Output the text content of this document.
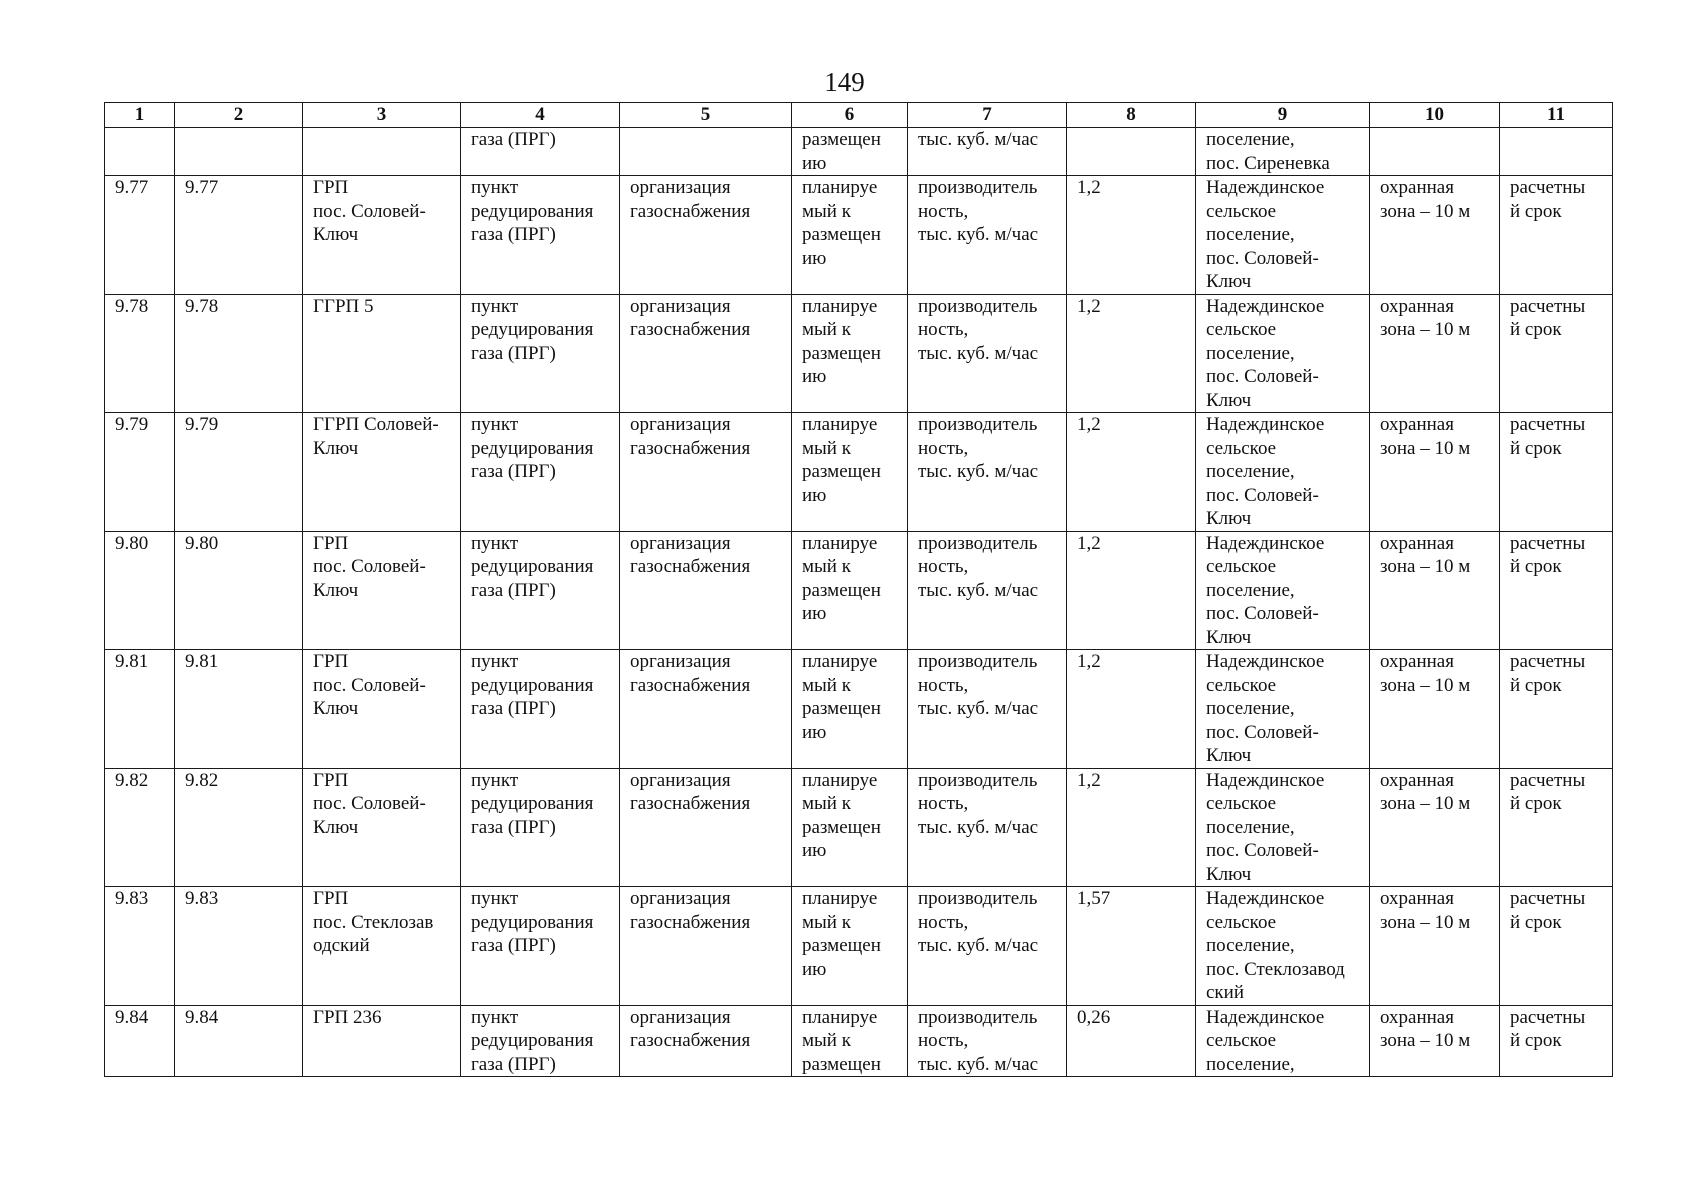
149
1	2	3	4	5	6	7	8	9	10	11

			газа (ПРГ)		размещен
ию	тыс. куб. м/час		поселение,
пос. Сиреневка		

9.77	9.77	ГРП
пос. Соловей-
Ключ	пункт
редуцирования
газа (ПРГ)	организация
газоснабжения	планируе
мый к
размещен
ию	производитель
ность,
тыс. куб. м/час	1,2	Надеждинское
сельское
поселение,
пос. Соловей-
Ключ	охранная
зона – 10 м	расчетны
й срок

9.78	9.78	ГГРП 5	пункт
редуцирования
газа (ПРГ)	организация
газоснабжения	планируе
мый к
размещен
ию	производитель
ность,
тыс. куб. м/час	1,2	Надеждинское
сельское
поселение,
пос. Соловей-
Ключ	охранная
зона – 10 м	расчетны
й срок

9.79	9.79	ГГРП Соловей-
Ключ	пункт
редуцирования
газа (ПРГ)	организация
газоснабжения	планируе
мый к
размещен
ию	производитель
ность,
тыс. куб. м/час	1,2	Надеждинское
сельское
поселение,
пос. Соловей-
Ключ	охранная
зона – 10 м	расчетны
й срок

9.80	9.80	ГРП
пос. Соловей-
Ключ	пункт
редуцирования
газа (ПРГ)	организация
газоснабжения	планируе
мый к
размещен
ию	производитель
ность,
тыс. куб. м/час	1,2	Надеждинское
сельское
поселение,
пос. Соловей-
Ключ	охранная
зона – 10 м	расчетны
й срок

9.81	9.81	ГРП
пос. Соловей-
Ключ	пункт
редуцирования
газа (ПРГ)	организация
газоснабжения	планируе
мый к
размещен
ию	производитель
ность,
тыс. куб. м/час	1,2	Надеждинское
сельское
поселение,
пос. Соловей-
Ключ	охранная
зона – 10 м	расчетны
й срок

9.82	9.82	ГРП
пос. Соловей-
Ключ	пункт
редуцирования
газа (ПРГ)	организация
газоснабжения	планируе
мый к
размещен
ию	производитель
ность,
тыс. куб. м/час	1,2	Надеждинское
сельское
поселение,
пос. Соловей-
Ключ	охранная
зона – 10 м	расчетны
й срок

9.83	9.83	ГРП
пос. Стеклозав
одский	пункт
редуцирования
газа (ПРГ)	организация
газоснабжения	планируе
мый к
размещен
ию	производитель
ность,
тыс. куб. м/час	1,57	Надеждинское
сельское
поселение,
пос. Стеклозавод
ский	охранная
зона – 10 м	расчетны
й срок

9.84	9.84	ГРП 236	пункт
редуцирования
газа (ПРГ)	организация
газоснабжения	планируе
мый к
размещен	производитель
ность,
тыс. куб. м/час	0,26	Надеждинское
сельское
поселение,	охранная
зона – 10 м	расчетны
й срок
